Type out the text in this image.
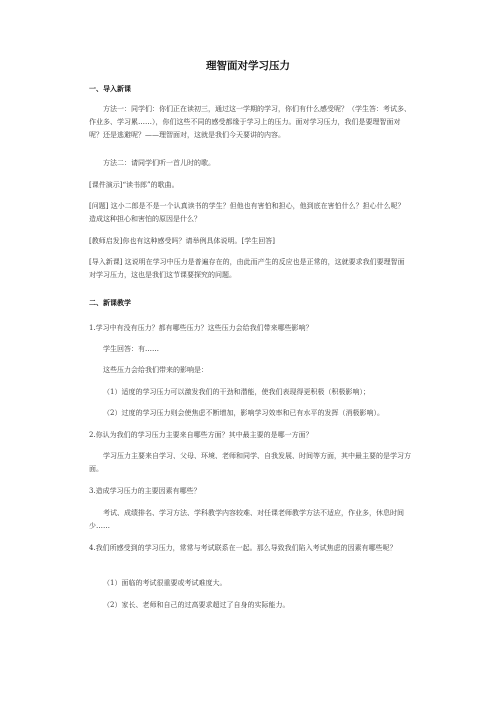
理智面对学习压力
一、导入新课

方法一：同学们：你们正在读初三，通过这一学期的学习，你们有什么感受呢？（学生答：考试多、作业多、学习累……），你们这些不同的感受都缘于学习上的压力。面对学习压力，我们是要理智面对呢？还是逃避呢？——理智面对，这就是我们今天要讲的内容。

方法二：请同学们听一首儿时的歌。

[课件演示]“读书郎”的歌曲。

[问题] 这小二郎是不是一个认真读书的学生？但他也有害怕和担心，他到底在害怕什么？担心什么呢？造成这种担心和害怕的原因是什么？

[教师启发]你也有这种感受吗？请举例具体说明。[学生回答]

[导入新课] 这说明在学习中压力是普遍存在的，由此而产生的反应也是正常的，这就要求我们要理智面对学习压力，这也是我们这节课要探究的问题。

二、新课教学

1.学习中有没有压力？都有哪些压力？这些压力会给我们带来哪些影响？

学生回答：有……

这些压力会给我们带来的影响是：

（1）适度的学习压力可以激发我们的干劲和潜能，使我们表现得更积极（积极影响）；

（2）过度的学习压力则会使焦虑不断增加，影响学习效率和已有水平的发挥（消极影响）。

2.你认为我们的学习压力主要来自哪些方面？其中最主要的是哪一方面？

学习压力主要来自学习、父母、环境、老师和同学、自我发展、时间等方面，其中最主要的是学习方面。

3.造成学习压力的主要因素有哪些？

考试、成绩排名、学习方法、学科教学内容较难、对任课老师教学方法不适应，作业多，休息时间少……

4.我们所感受到的学习压力，常常与考试联系在一起。那么导致我们陷入考试焦虑的因素有哪些呢？

（1）面临的考试很重要或考试难度大。

（2）家长、老师和自己的过高要求超过了自身的实际能力。
